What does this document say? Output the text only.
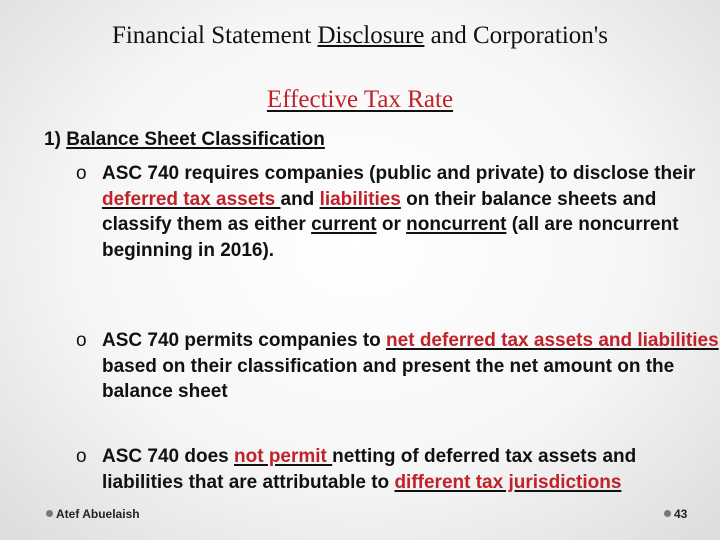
Financial Statement Disclosure and Corporation's
Effective Tax Rate
1) Balance Sheet Classification
o ASC 740 requires companies (public and private) to disclose their deferred tax assets and liabilities on their balance sheets and classify them as either current or noncurrent (all are noncurrent beginning in 2016).
o ASC 740 permits companies to net deferred tax assets and liabilities based on their classification and present the net amount on the balance sheet
o ASC 740 does not permit netting of deferred tax assets and liabilities that are attributable to different tax jurisdictions
Atef Abuelaish	43
